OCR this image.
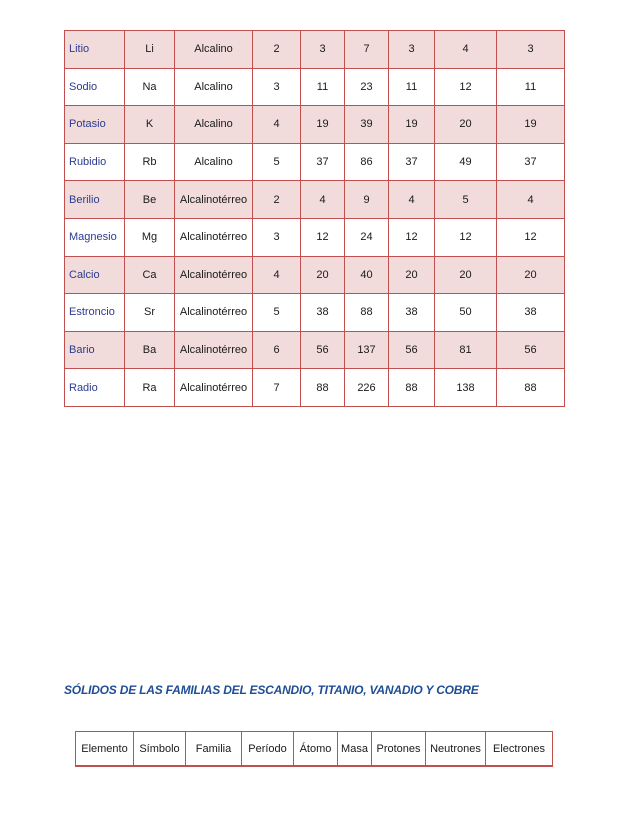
Litio	Li	Alcalino	2	3	7	3	4	3
Sodio	Na	Alcalino	3	11	23	11	12	11
Potasio	K	Alcalino	4	19	39	19	20	19
Rubidio	Rb	Alcalino	5	37	86	37	49	37
Berilio	Be	Alcalinotérreo	2	4	9	4	5	4
Magnesio	Mg	Alcalinotérreo	3	12	24	12	12	12
Calcio	Ca	Alcalinotérreo	4	20	40	20	20	20
Estroncio	Sr	Alcalinotérreo	5	38	88	38	50	38
Bario	Ba	Alcalinotérreo	6	56	137	56	81	56
Radio	Ra	Alcalinotérreo	7	88	226	88	138	88
SÓLIDOS DE LAS FAMILIAS DEL ESCANDIO, TITANIO, VANADIO Y COBRE
Elemento	Símbolo	Familia	Período	Átomo	Masa	Protones	Neutrones	Electrones
